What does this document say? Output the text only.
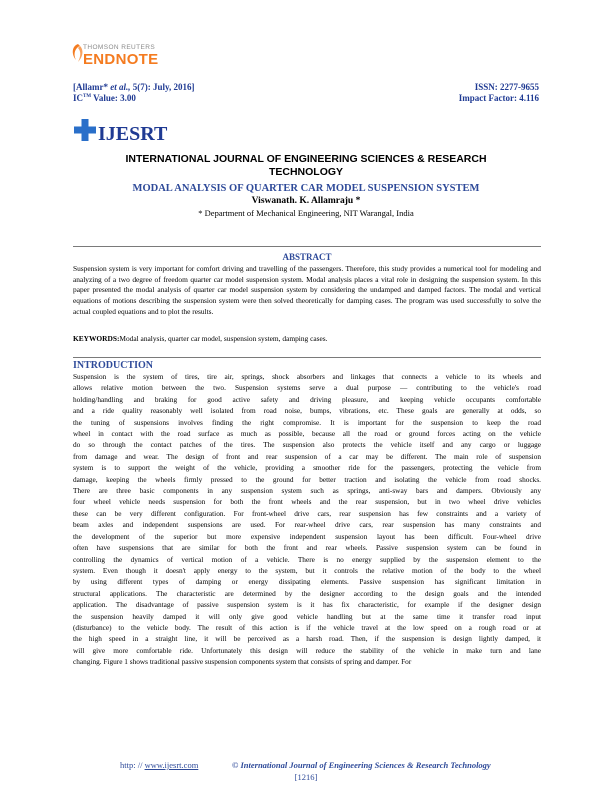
THOMSON REUTERS
ENDNOTE
[Allamr* et al., 5(7): July, 2016]
IC™ Value: 3.00
ISSN: 2277-9655
Impact Factor: 4.116
IJESRT
INTERNATIONAL JOURNAL OF ENGINEERING SCIENCES & RESEARCH
TECHNOLOGY
MODAL ANALYSIS OF QUARTER CAR MODEL SUSPENSION SYSTEM
Viswanath. K. Allamraju *
* Department of Mechanical Engineering, NIT Warangal, India
ABSTRACT
Suspension system is very important for comfort driving and travelling of the passengers. Therefore, this study provides a numerical tool for modeling and analyzing of a two degree of freedom quarter car model suspension system. Modal analysis places a vital role in designing the suspension system. In this paper presented the modal analysis of quarter car model suspension system by considering the undamped and damped factors. The modal and vertical equations of motions describing the suspension system were then solved theoretically for damping cases. The program was used successfully to solve the actual coupled equations and to plot the results.
KEYWORDS:Modal analysis, quarter car model, suspension system, damping cases.
INTRODUCTION
Suspension is the system of tires, tire air, springs, shock absorbers and linkages that connects a vehicle to its wheels and
allows relative motion between the two. Suspension systems serve a dual purpose — contributing to the vehicle's road
holding/handling and braking for good active safety and driving pleasure, and keeping vehicle occupants comfortable
and a ride quality reasonably well isolated from road noise, bumps, vibrations, etc. These goals are generally at odds, so
the tuning of suspensions involves finding the right compromise. It is important for the suspension to keep the road
wheel in contact with the road surface as much as possible, because all the road or ground forces acting on the vehicle
do so through the contact patches of the tires. The suspension also protects the vehicle itself and any cargo or luggage
from damage and wear. The design of front and rear suspension of a car may be different. The main role of suspension
system is to support the weight of the vehicle, providing a smoother ride for the passengers, protecting the vehicle from
damage, keeping the wheels firmly pressed to the ground for better traction and isolating the vehicle from road shocks.
There are three basic components in any suspension system such as springs, anti-sway bars and dampers. Obviously any
four wheel vehicle needs suspension for both the front wheels and the rear suspension, but in two wheel drive vehicles
these can be very different configuration. For front-wheel drive cars, rear suspension has few constraints and a variety of
beam axles and independent suspensions are used. For rear-wheel drive cars, rear suspension has many constraints and
the development of the superior but more expensive independent suspension layout has been difficult. Four-wheel drive
often have suspensions that are similar for both the front and rear wheels. Passive suspension system can be found in
controlling the dynamics of vertical motion of a vehicle. There is no energy supplied by the suspension element to the
system. Even though it doesn't apply energy to the system, but it controls the relative motion of the body to the wheel
by using different types of damping or energy dissipating elements. Passive suspension has significant limitation in
structural applications. The characteristic are determined by the designer according to the design goals and the intended
application. The disadvantage of passive suspension system is it has fix characteristic, for example if the designer design
the suspension heavily damped it will only give good vehicle handling but at the same time it transfer road input
(disturbance) to the vehicle body. The result of this action is if the vehicle travel at the low speed on a rough road or at
the high speed in a straight line, it will be perceived as a harsh road. Then, if the suspension is design lightly damped, it
will give more comfortable ride. Unfortunately this design will reduce the stability of the vehicle in make turn and lane
changing. Figure 1 shows traditional passive suspension components system that consists of spring and damper. For
http: // www.ijesrt.com	© International Journal of Engineering Sciences & Research Technology
[1216]
